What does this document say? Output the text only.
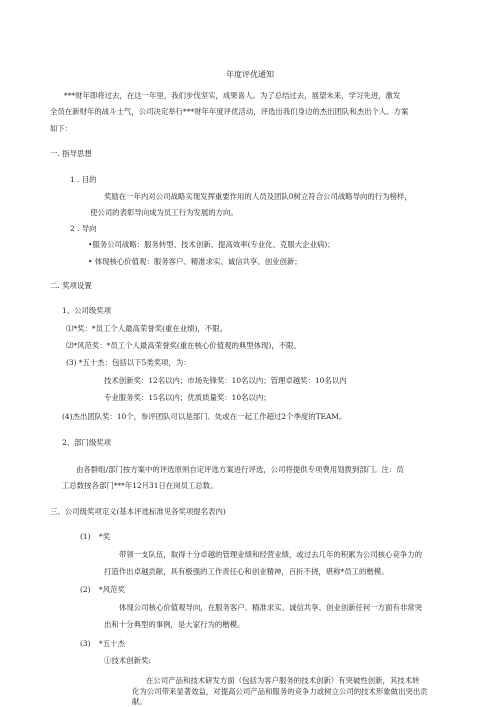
年度评优通知
***财年即将过去，在这一年里，我们步伐坚实，成果喜人。为了总结过去，展望未来，学习先进，激发
全员在新财年的战斗士气，公司决定举行***财年年度评优活动，评选出我们身边的杰出团队和杰出个人。方案
如下：
一. 指导思想
1 . 目的
奖励在一年内对公司战略实现发挥重要作用的人员及团队0树立符合公司战略导向的行为榜样，
使公司的表彰导向成为员工行为发展的方向。
2 . 导向
•服务公司战略：服务转型、技术创新、提高效率(专业化、克服大企业病)；
• 体现核心价值观：服务客户、精准求实、诚信共享、创业创新；
二. 奖项设置
1、公司级奖项
⑴*奖：*员工个人最高荣誉奖(重在业绩)，不限。
⑵*风范奖：*员工个人最高荣誉奖(重在核心价值观的典型体现)，不限。
(3) *五十杰：包括以下5类奖项，为：
技术创新奖：12名以内；市场先锋奖：10名以内；管理卓越奖：10名以内
专业服务奖：15名以内；优质质量奖：10名以内；
(4)杰出团队奖：10个，参评团队可以是部门、处或在一起工作超过2个季度的TEAM。
2、部门级奖项
由各群组/部门按方案中的评选原则自定评选方案进行评选，公司将提供专项费用划拨到部门。注：员
工总数按各部门***年12月31日在岗员工总数。
三、公司级奖项定义(基本评选标准见各奖项提名表内)
(1) *奖
带领一支队伍，取得十分卓越的管理业绩和经营业绩，或过去几年的积累为公司核心竞争力的
打造作出卓越贡献，具有极强的工作责任心和创业精神，百折不挠，堪称*员工的楷模。
(2) *风范奖
体现公司核心价值观导向，在服务客户、精准求实、诚信共享、创业创新任何一方面有非常突
出和十分典型的事例，是大家行为的楷模。
(3) *五十杰
①技术创新奖:
在公司产品和技术研发方面（包括为客户服务的技术创新）有突破性创新，其技术转
化为公司带来显著效益，对提高公司产品和服务的竞争力或树立公司的技术形象做出突出贡
献。
